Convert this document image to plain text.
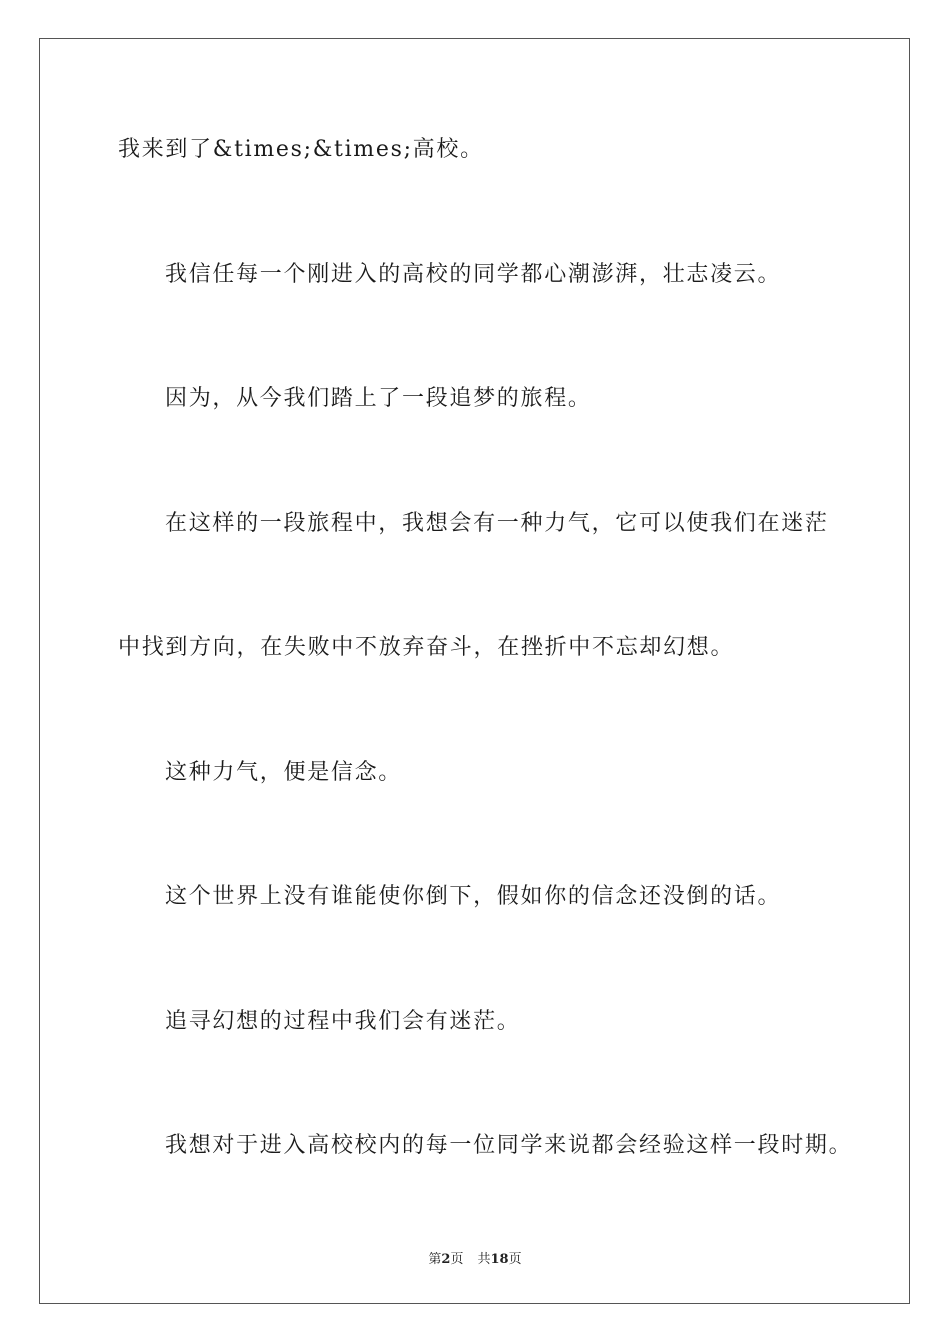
我来到了&times;&times;高校。
我信任每一个刚进入的高校的同学都心潮澎湃，壮志凌云。
因为，从今我们踏上了一段追梦的旅程。
在这样的一段旅程中，我想会有一种力气，它可以使我们在迷茫
中找到方向，在失败中不放弃奋斗，在挫折中不忘却幻想。
这种力气，便是信念。
这个世界上没有谁能使你倒下，假如你的信念还没倒的话。
追寻幻想的过程中我们会有迷茫。
我想对于进入高校校内的每一位同学来说都会经验这样一段时期。
第2页 共18页
